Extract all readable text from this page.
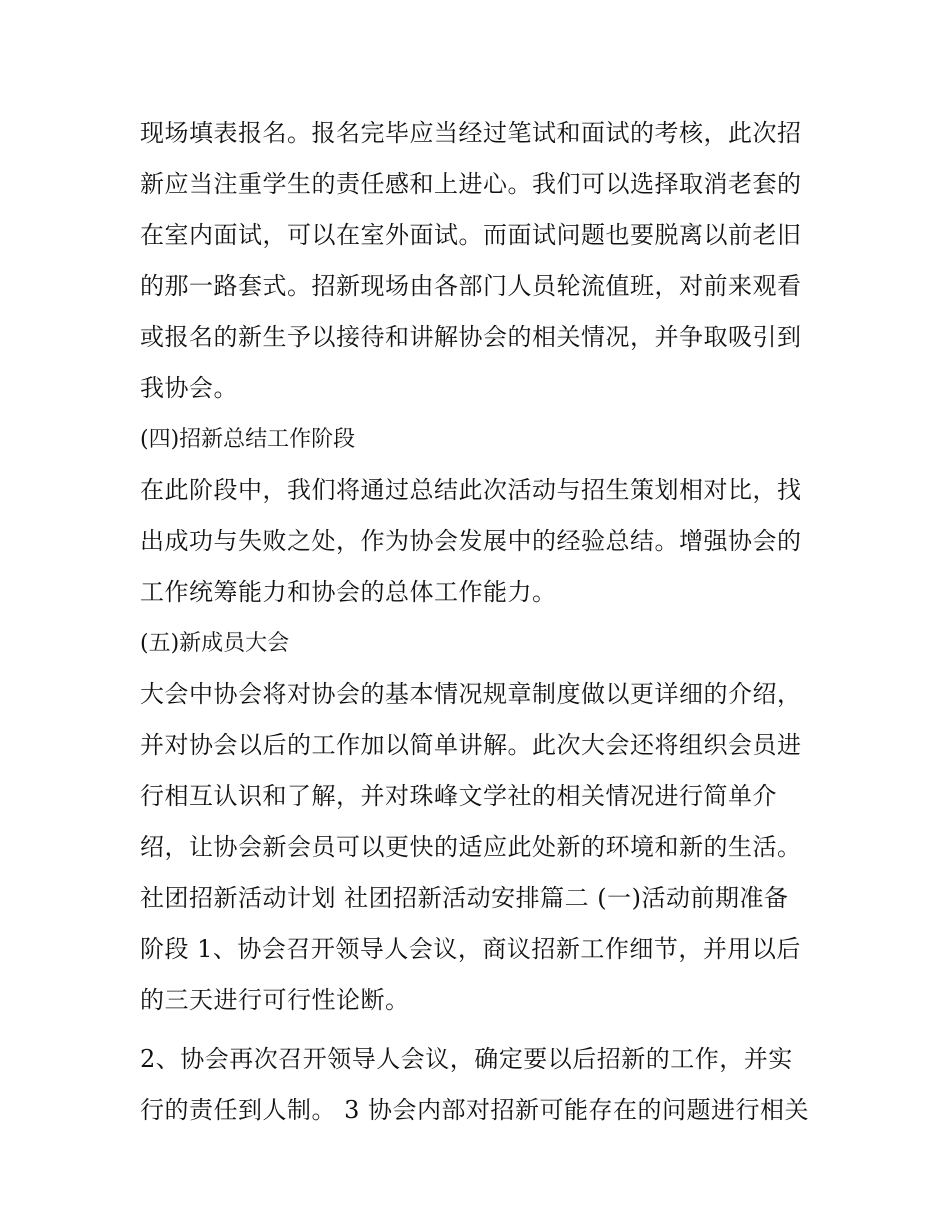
现场填表报名。报名完毕应当经过笔试和面试的考核，此次招
新应当注重学生的责任感和上进心。我们可以选择取消老套的
在室内面试，可以在室外面试。而面试问题也要脱离以前老旧
的那一路套式。招新现场由各部门人员轮流值班，对前来观看
或报名的新生予以接待和讲解协会的相关情况，并争取吸引到
我协会。
(四)招新总结工作阶段
在此阶段中，我们将通过总结此次活动与招生策划相对比，找
出成功与失败之处，作为协会发展中的经验总结。增强协会的
工作统筹能力和协会的总体工作能力。
(五)新成员大会
大会中协会将对协会的基本情况规章制度做以更详细的介绍，
并对协会以后的工作加以简单讲解。此次大会还将组织会员进
行相互认识和了解，并对珠峰文学社的相关情况进行简单介
绍，让协会新会员可以更快的适应此处新的环境和新的生活。
社团招新活动计划 社团招新活动安排篇二 (一)活动前期准备
阶段 1、协会召开领导人会议，商议招新工作细节，并用以后
的三天进行可行性论断。
2、协会再次召开领导人会议，确定要以后招新的工作，并实
行的责任到人制。 3 协会内部对招新可能存在的问题进行相关
